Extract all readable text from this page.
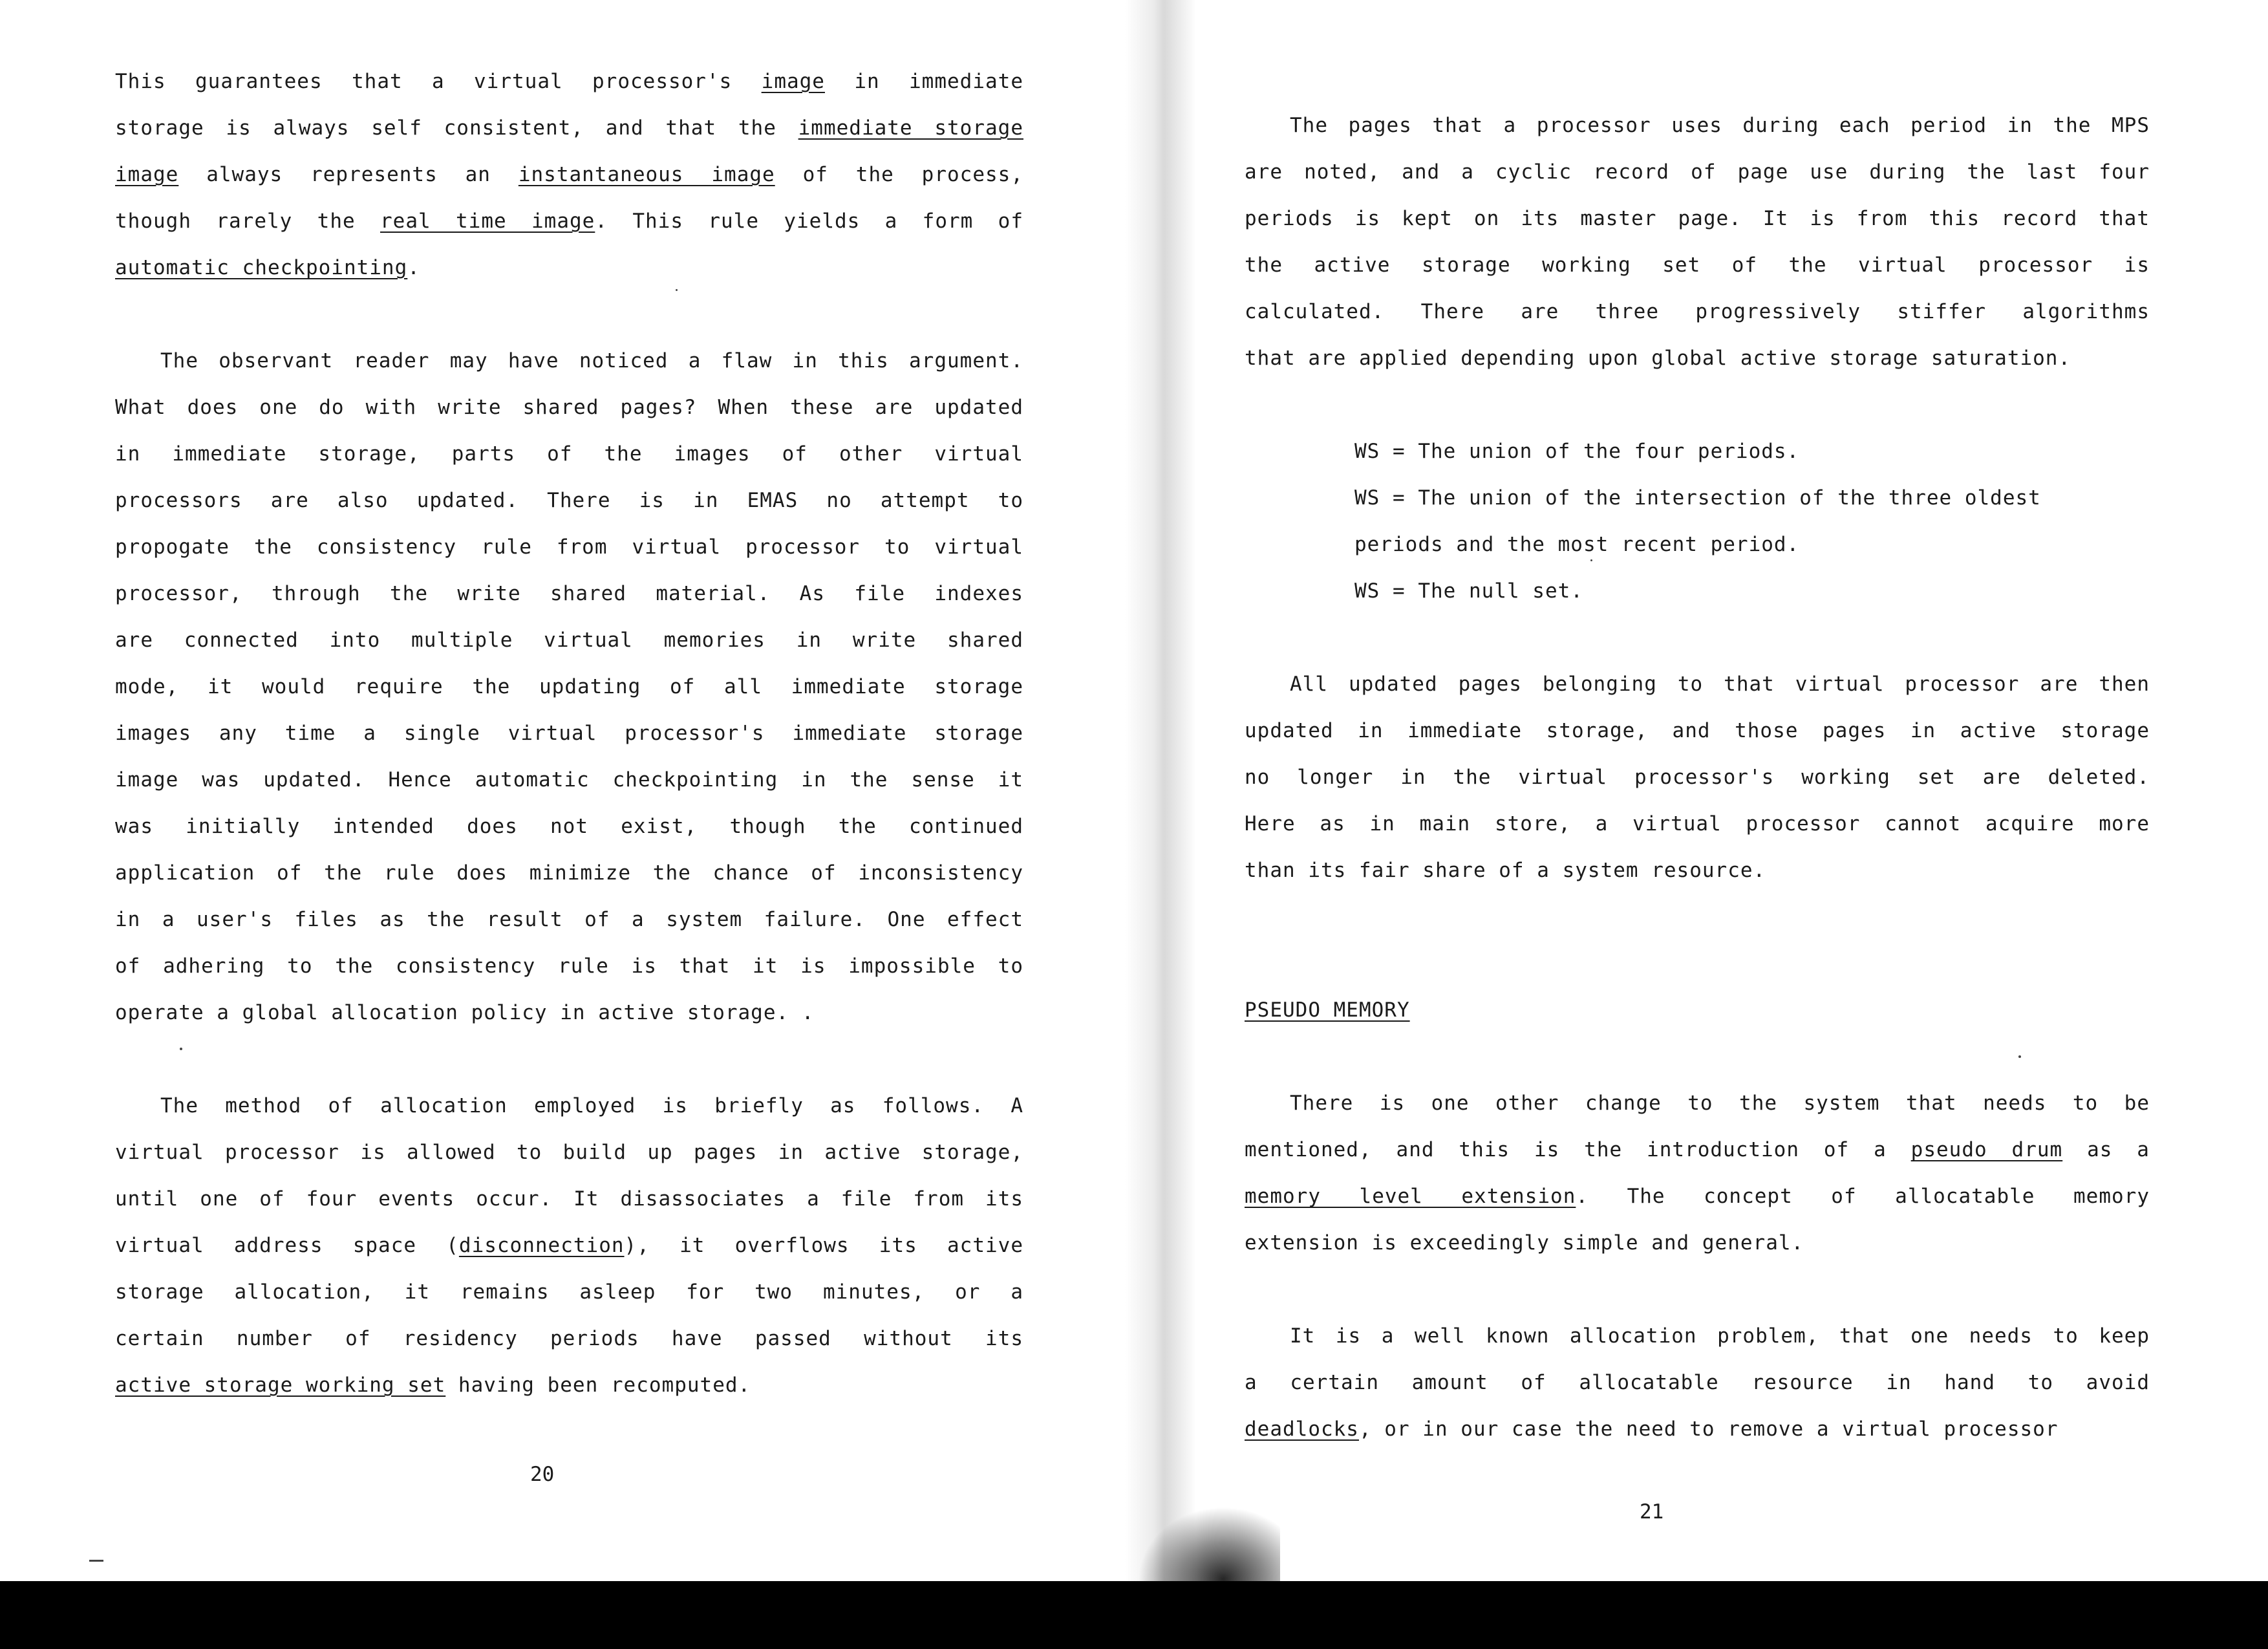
This guarantees that a virtual processor's image in immediate
storage is always self consistent, and that the immediate storage
image always represents an instantaneous image of the process,
though rarely the real time image. This rule yields a form of
automatic checkpointing.
The observant reader may have noticed a flaw in this argument.
What does one do with write shared pages? When these are updated
in immediate storage, parts of the images of other virtual
processors are also updated. There is in EMAS no attempt to
propogate the consistency rule from virtual processor to virtual
processor, through the write shared material. As file indexes
are connected into multiple virtual memories in write shared
mode, it would require the updating of all immediate storage
images any time a single virtual processor's immediate storage
image was updated. Hence automatic checkpointing in the sense it
was initially intended does not exist, though the continued
application of the rule does minimize the chance of inconsistency
in a user's files as the result of a system failure. One effect
of adhering to the consistency rule is that it is impossible to
operate a global allocation policy in active storage. .
The method of allocation employed is briefly as follows. A
virtual processor is allowed to build up pages in active storage,
until one of four events occur. It disassociates a file from its
virtual address space (disconnection), it overflows its active
storage allocation, it remains asleep for two minutes, or a
certain number of residency periods have passed without its
active storage working set having been recomputed.
20
The pages that a processor uses during each period in the MPS
are noted, and a cyclic record of page use during the last four
periods is kept on its master page. It is from this record that
the active storage working set of the virtual processor is
calculated. There are three progressively stiffer algorithms
that are applied depending upon global active storage saturation.
WS = The union of the four periods.
WS = The union of the intersection of the three oldest
periods and the most recent period.
WS = The null set.
All updated pages belonging to that virtual processor are then
updated in immediate storage, and those pages in active storage
no longer in the virtual processor's working set are deleted.
Here as in main store, a virtual processor cannot acquire more
than its fair share of a system resource.
PSEUDO MEMORY
There is one other change to the system that needs to be
mentioned, and this is the introduction of a pseudo drum as a
memory level extension. The concept of allocatable memory
extension is exceedingly simple and general.
It is a well known allocation problem, that one needs to keep
a certain amount of allocatable resource in hand to avoid
deadlocks, or in our case the need to remove a virtual processor
21
